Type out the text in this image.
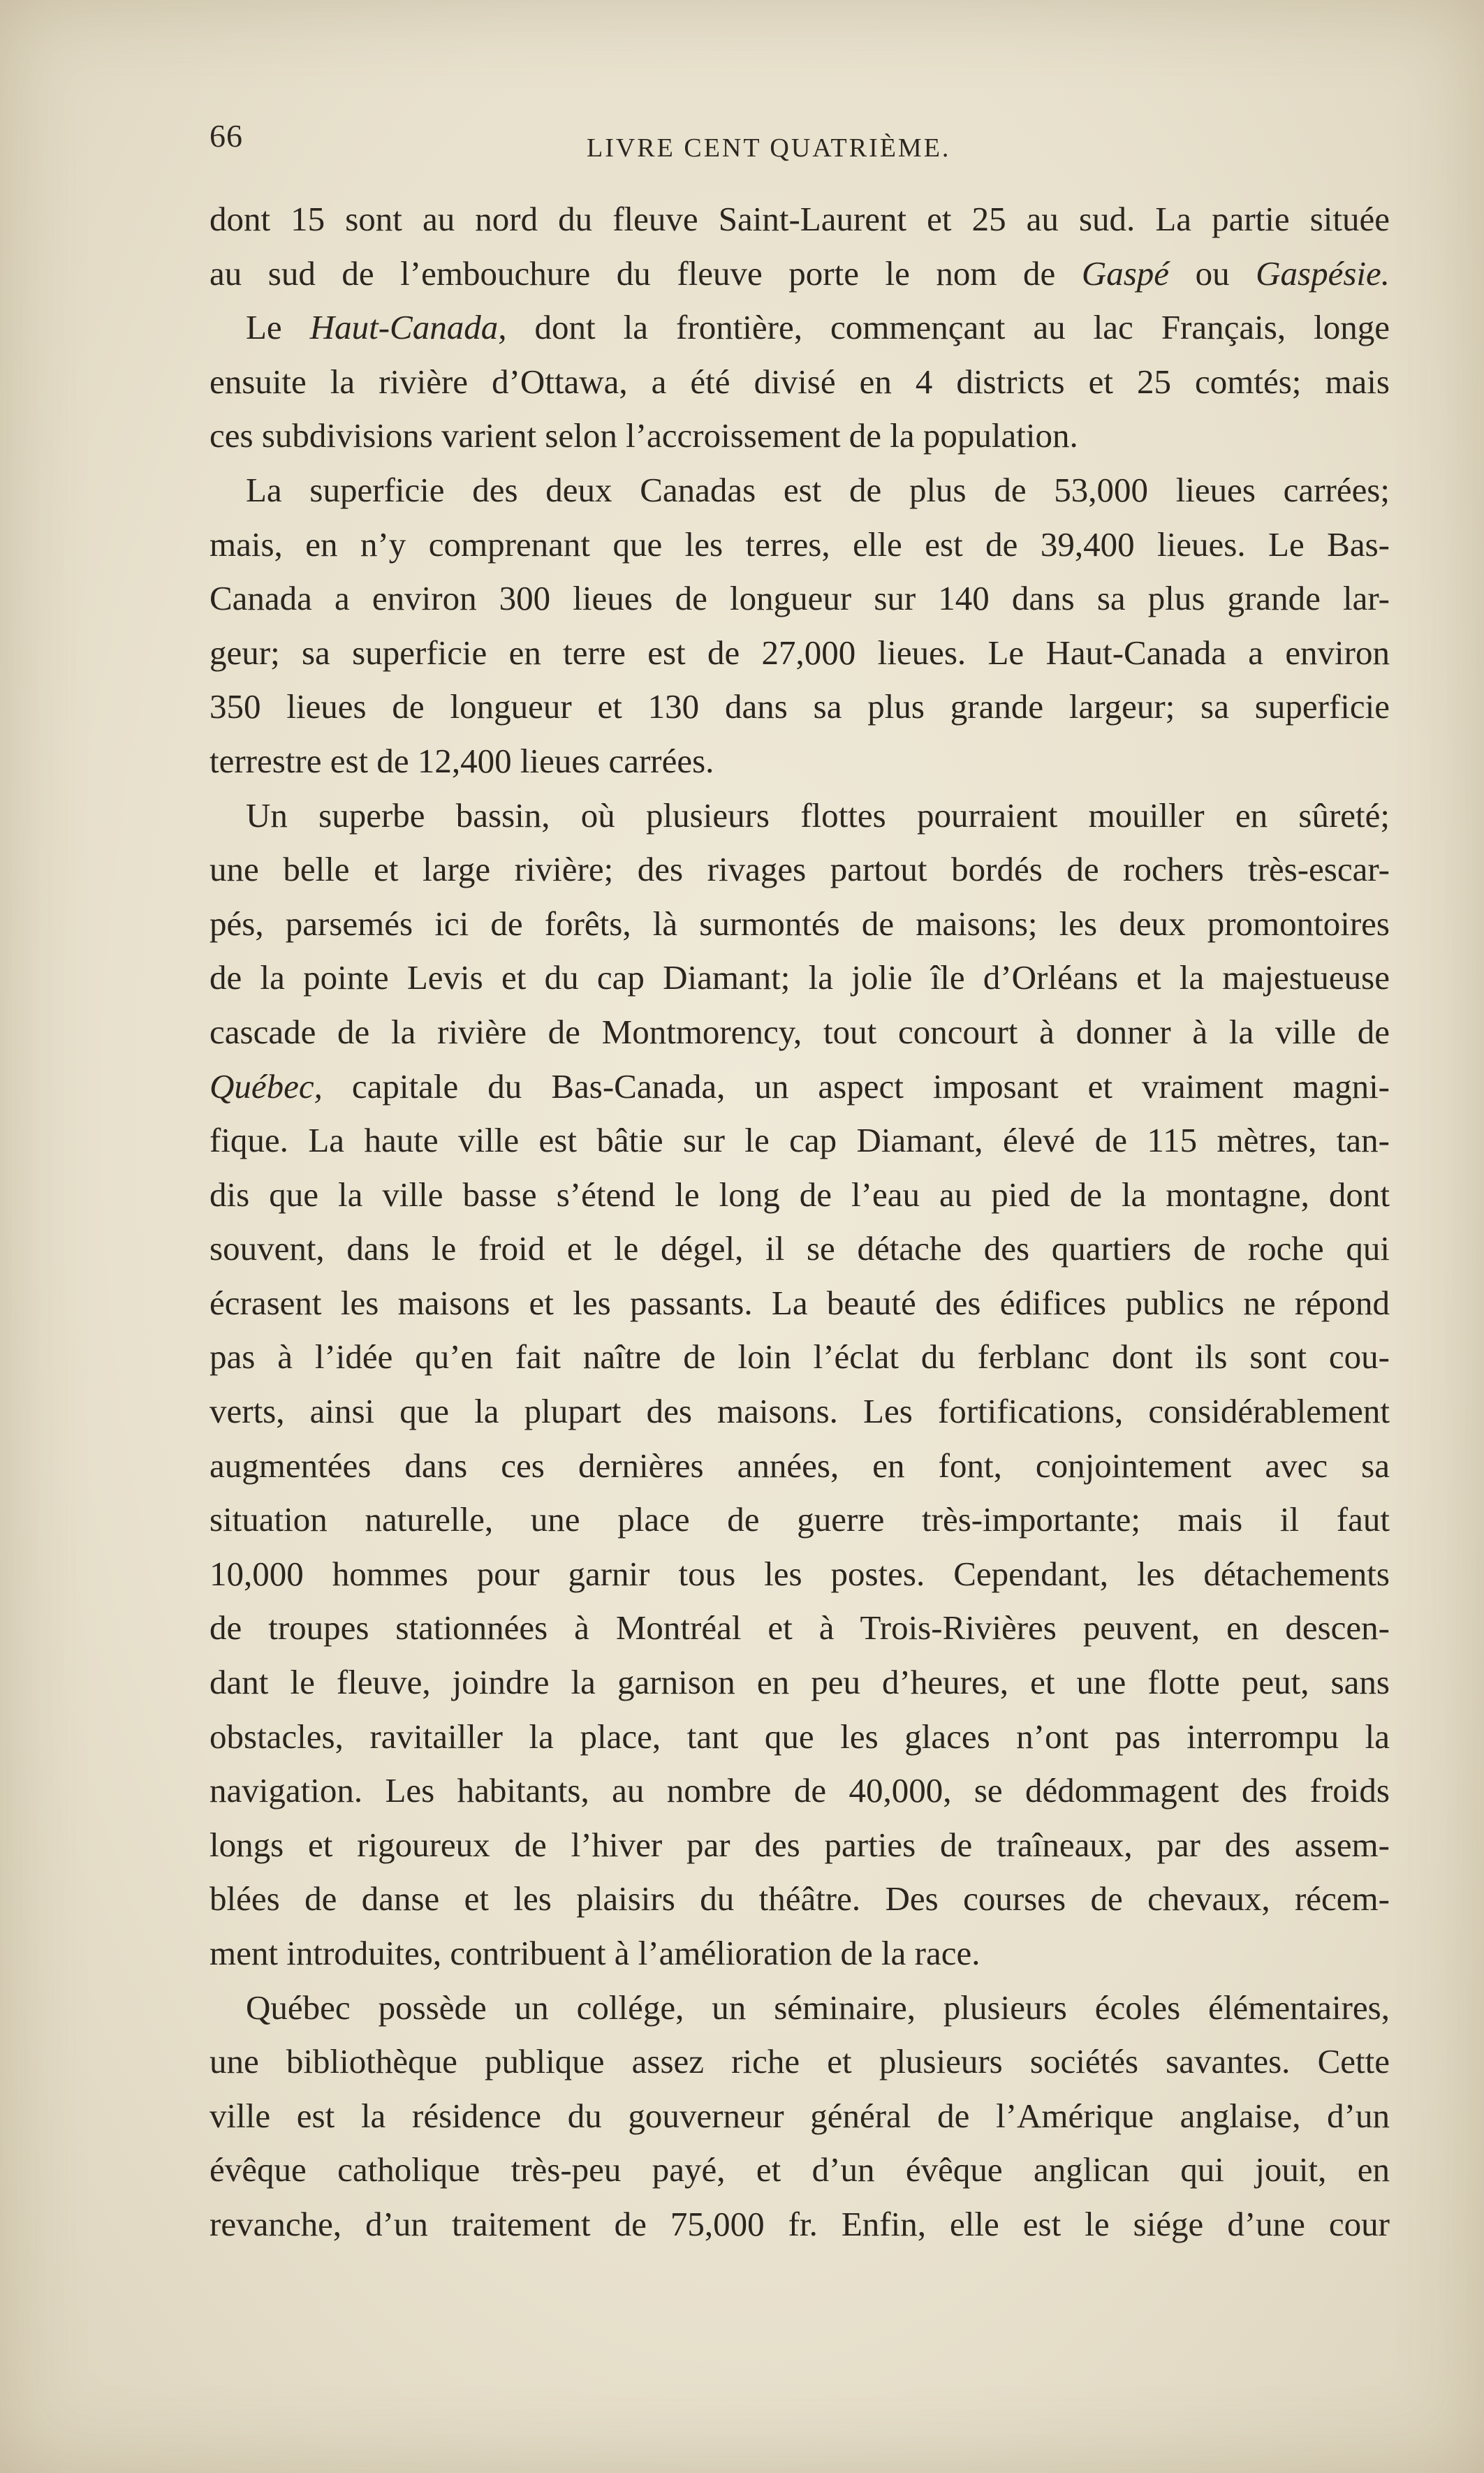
66	LIVRE CENT QUATRIÈME.
dont 15 sont au nord du fleuve Saint-Laurent et 25 au sud. La partie située
au sud de l’embouchure du fleuve porte le nom de Gaspé ou Gaspésie.
Le Haut-Canada, dont la frontière, commençant au lac Français, longe
ensuite la rivière d’Ottawa, a été divisé en 4 districts et 25 comtés; mais
ces subdivisions varient selon l’accroissement de la population.
La superficie des deux Canadas est de plus de 53,000 lieues carrées;
mais, en n’y comprenant que les terres, elle est de 39,400 lieues. Le Bas-
Canada a environ 300 lieues de longueur sur 140 dans sa plus grande lar-
geur; sa superficie en terre est de 27,000 lieues. Le Haut-Canada a environ
350 lieues de longueur et 130 dans sa plus grande largeur; sa superficie
terrestre est de 12,400 lieues carrées.
Un superbe bassin, où plusieurs flottes pourraient mouiller en sûreté;
une belle et large rivière; des rivages partout bordés de rochers très-escar-
pés, parsemés ici de forêts, là surmontés de maisons; les deux promontoires
de la pointe Levis et du cap Diamant; la jolie île d’Orléans et la majestueuse
cascade de la rivière de Montmorency, tout concourt à donner à la ville de
Québec, capitale du Bas-Canada, un aspect imposant et vraiment magni-
fique. La haute ville est bâtie sur le cap Diamant, élevé de 115 mètres, tan-
dis que la ville basse s’étend le long de l’eau au pied de la montagne, dont
souvent, dans le froid et le dégel, il se détache des quartiers de roche qui
écrasent les maisons et les passants. La beauté des édifices publics ne répond
pas à l’idée qu’en fait naître de loin l’éclat du ferblanc dont ils sont cou-
verts, ainsi que la plupart des maisons. Les fortifications, considérablement
augmentées dans ces dernières années, en font, conjointement avec sa
situation naturelle, une place de guerre très-importante; mais il faut
10,000 hommes pour garnir tous les postes. Cependant, les détachements
de troupes stationnées à Montréal et à Trois-Rivières peuvent, en descen-
dant le fleuve, joindre la garnison en peu d’heures, et une flotte peut, sans
obstacles, ravitailler la place, tant que les glaces n’ont pas interrompu la
navigation. Les habitants, au nombre de 40,000, se dédommagent des froids
longs et rigoureux de l’hiver par des parties de traîneaux, par des assem-
blées de danse et les plaisirs du théâtre. Des courses de chevaux, récem-
ment introduites, contribuent à l’amélioration de la race.
Québec possède un collége, un séminaire, plusieurs écoles élémentaires,
une bibliothèque publique assez riche et plusieurs sociétés savantes. Cette
ville est la résidence du gouverneur général de l’Amérique anglaise, d’un
évêque catholique très-peu payé, et d’un évêque anglican qui jouit, en
revanche, d’un traitement de 75,000 fr. Enfin, elle est le siége d’une cour
